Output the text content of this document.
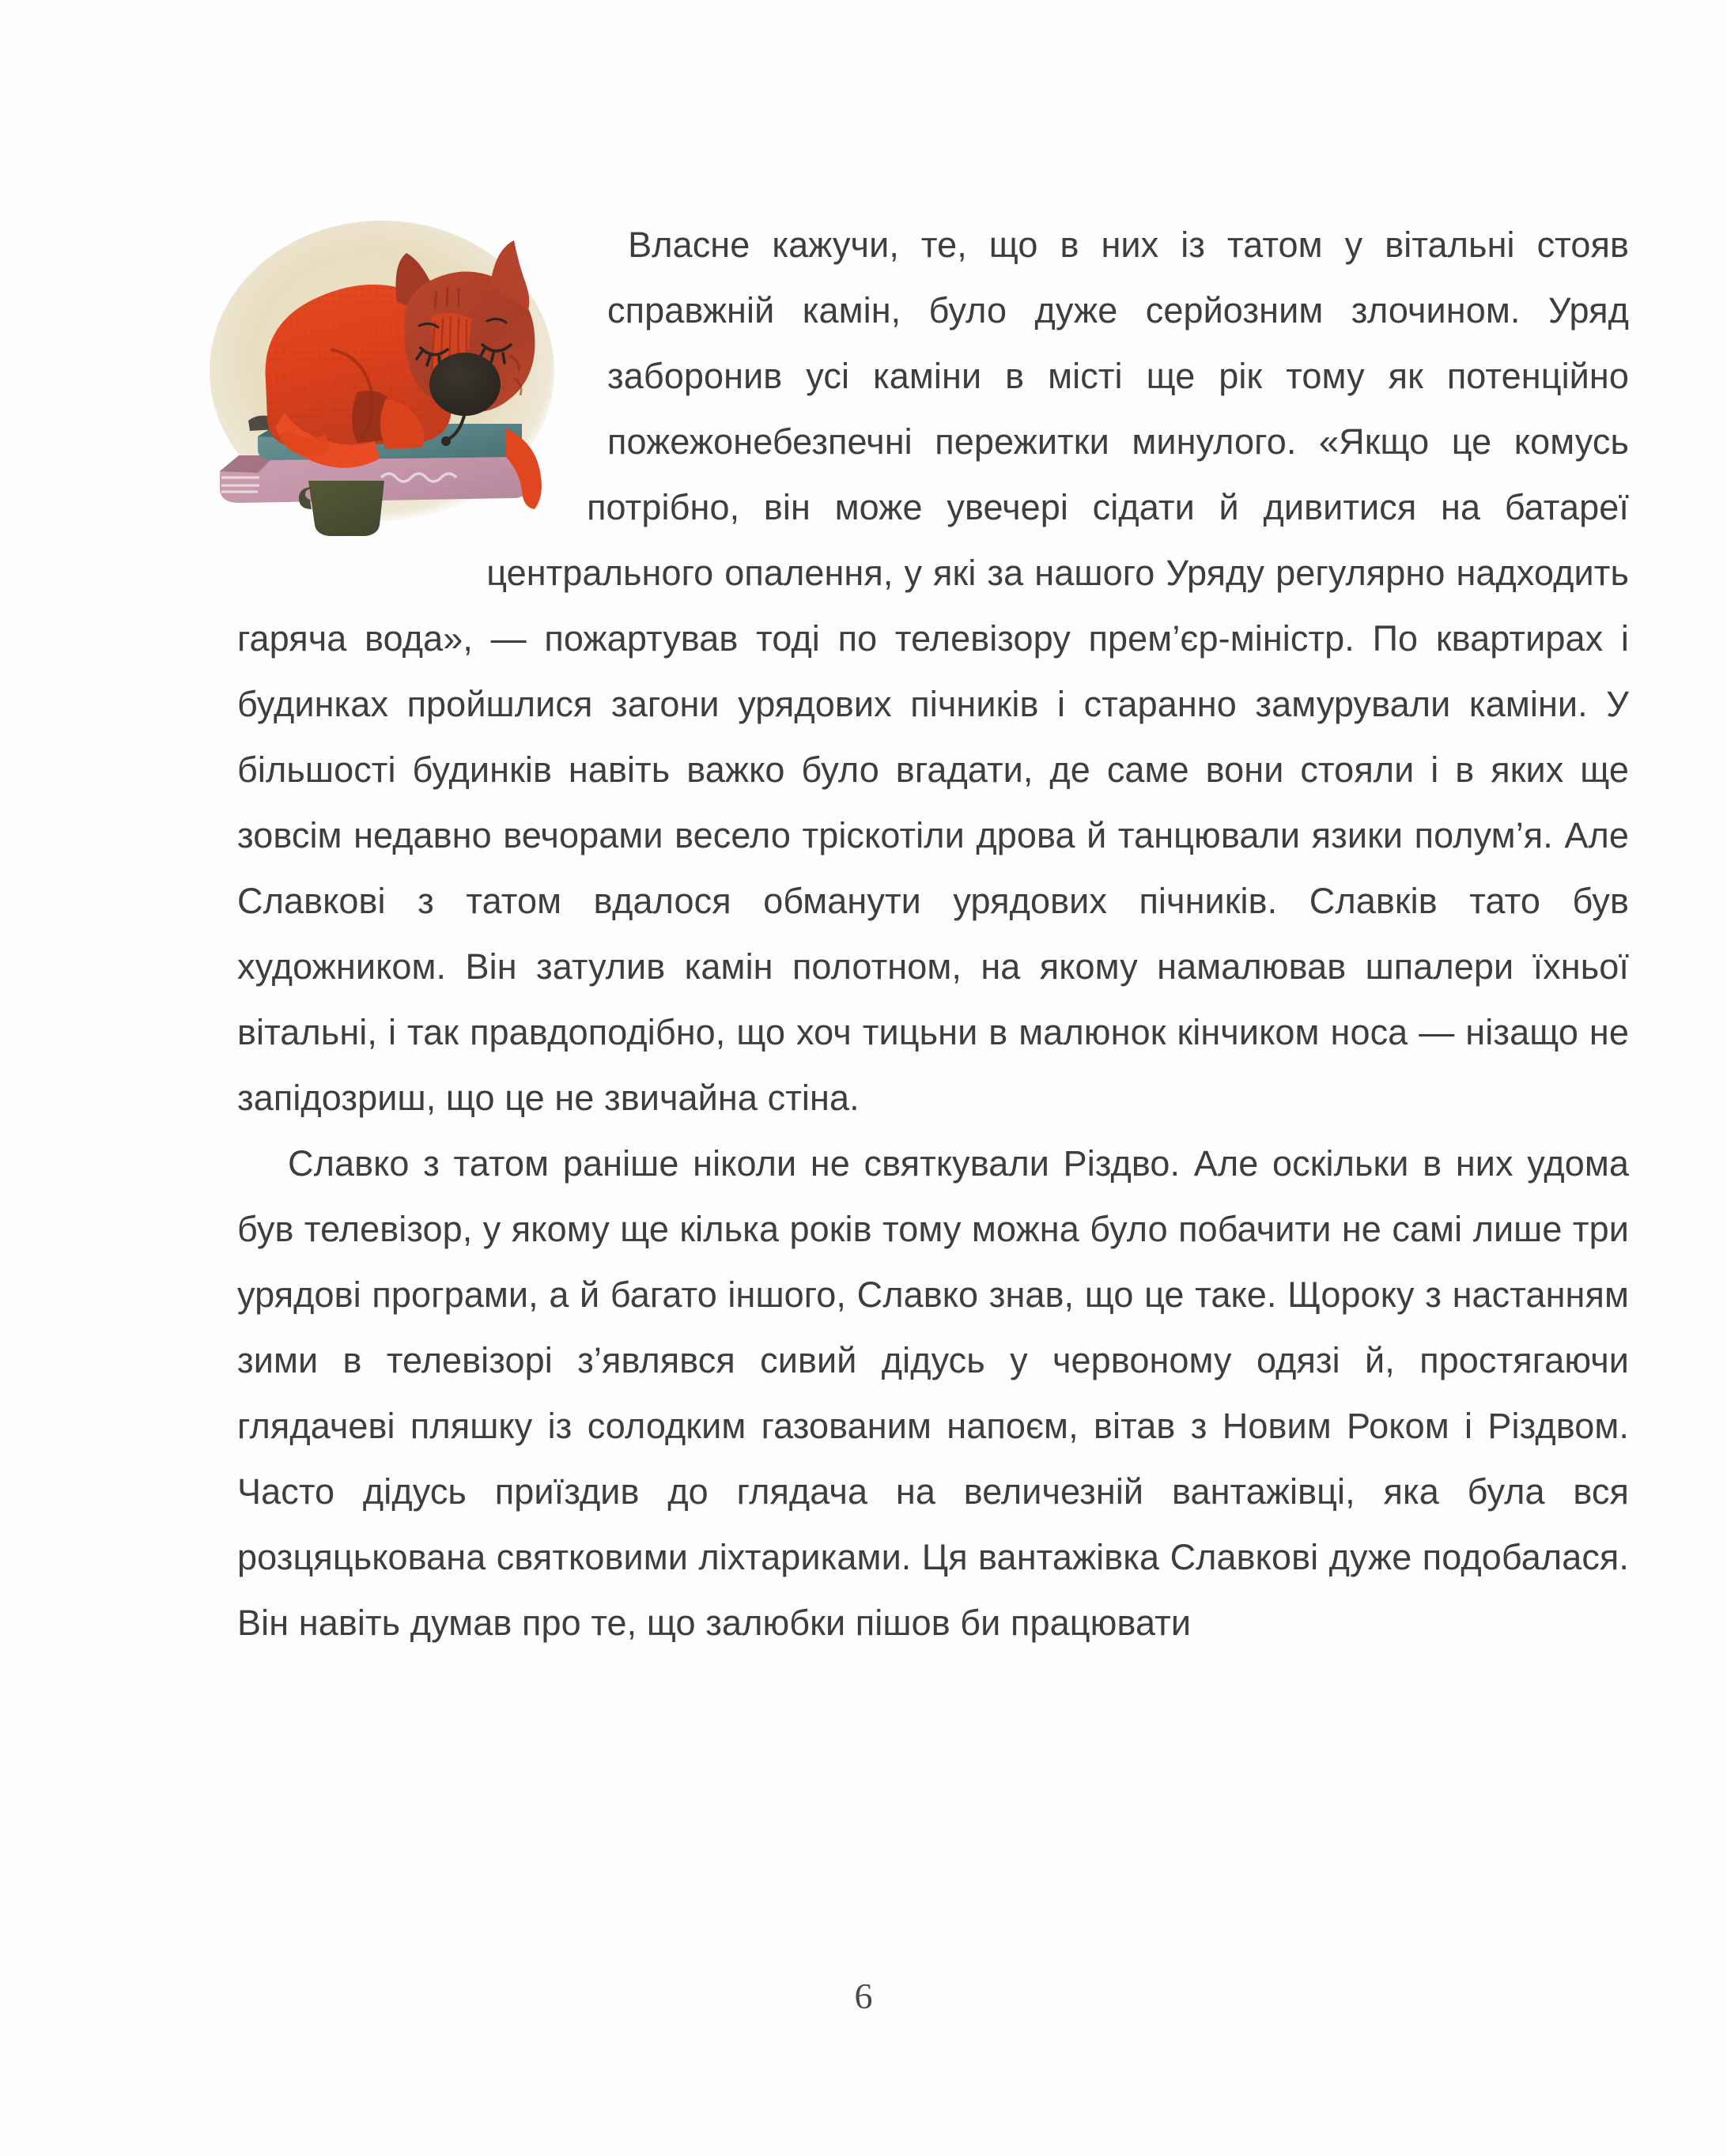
Власне кажучи, те, що в них із татом у вітальні стояв справжній камін, було дуже серйозним злочином. Уряд заборонив усі каміни в місті ще рік тому як потенційно пожежонебезпечні пережитки минулого. «Якщо це комусь потрібно, він може увечері сідати й дивитися на батареї центрального опалення, у які за нашого Уряду регулярно надходить гаряча вода», — пожартував тоді по телевізору прем’єр-міністр. По квартирах і будинках пройшлися загони урядових пічників і старанно замурували каміни. У більшості будинків навіть важко було вгадати, де саме вони стояли і в яких ще зовсім недавно вечорами весело тріскотіли дрова й танцювали язики полум’я. Але Славкові з татом вдалося обманути урядових пічників. Славків тато був художником. Він затулив камін полотном, на якому намалював шпалери їхньої вітальні, і так правдоподібно, що хоч тицьни в малюнок кінчиком носа — нізащо не запідозриш, що це не звичайна стіна.

Славко з татом раніше ніколи не святкували Різдво. Але оскільки в них удома був телевізор, у якому ще кілька років тому можна було побачити не самі лише три урядові програми, а й багато іншого, Славко знав, що це таке. Щороку з настанням зими в телевізорі з’являвся сивий дідусь у червоному одязі й, простягаючи глядачеві пляшку із солодким газованим напоєм, вітав з Новим Роком і Різдвом. Часто дідусь приїздив до глядача на величезній вантажівці, яка була вся розцяцькована святковими ліхтариками. Ця вантажівка Славкові дуже подобалася. Він навіть думав про те, що залюбки пішов би працювати

6
